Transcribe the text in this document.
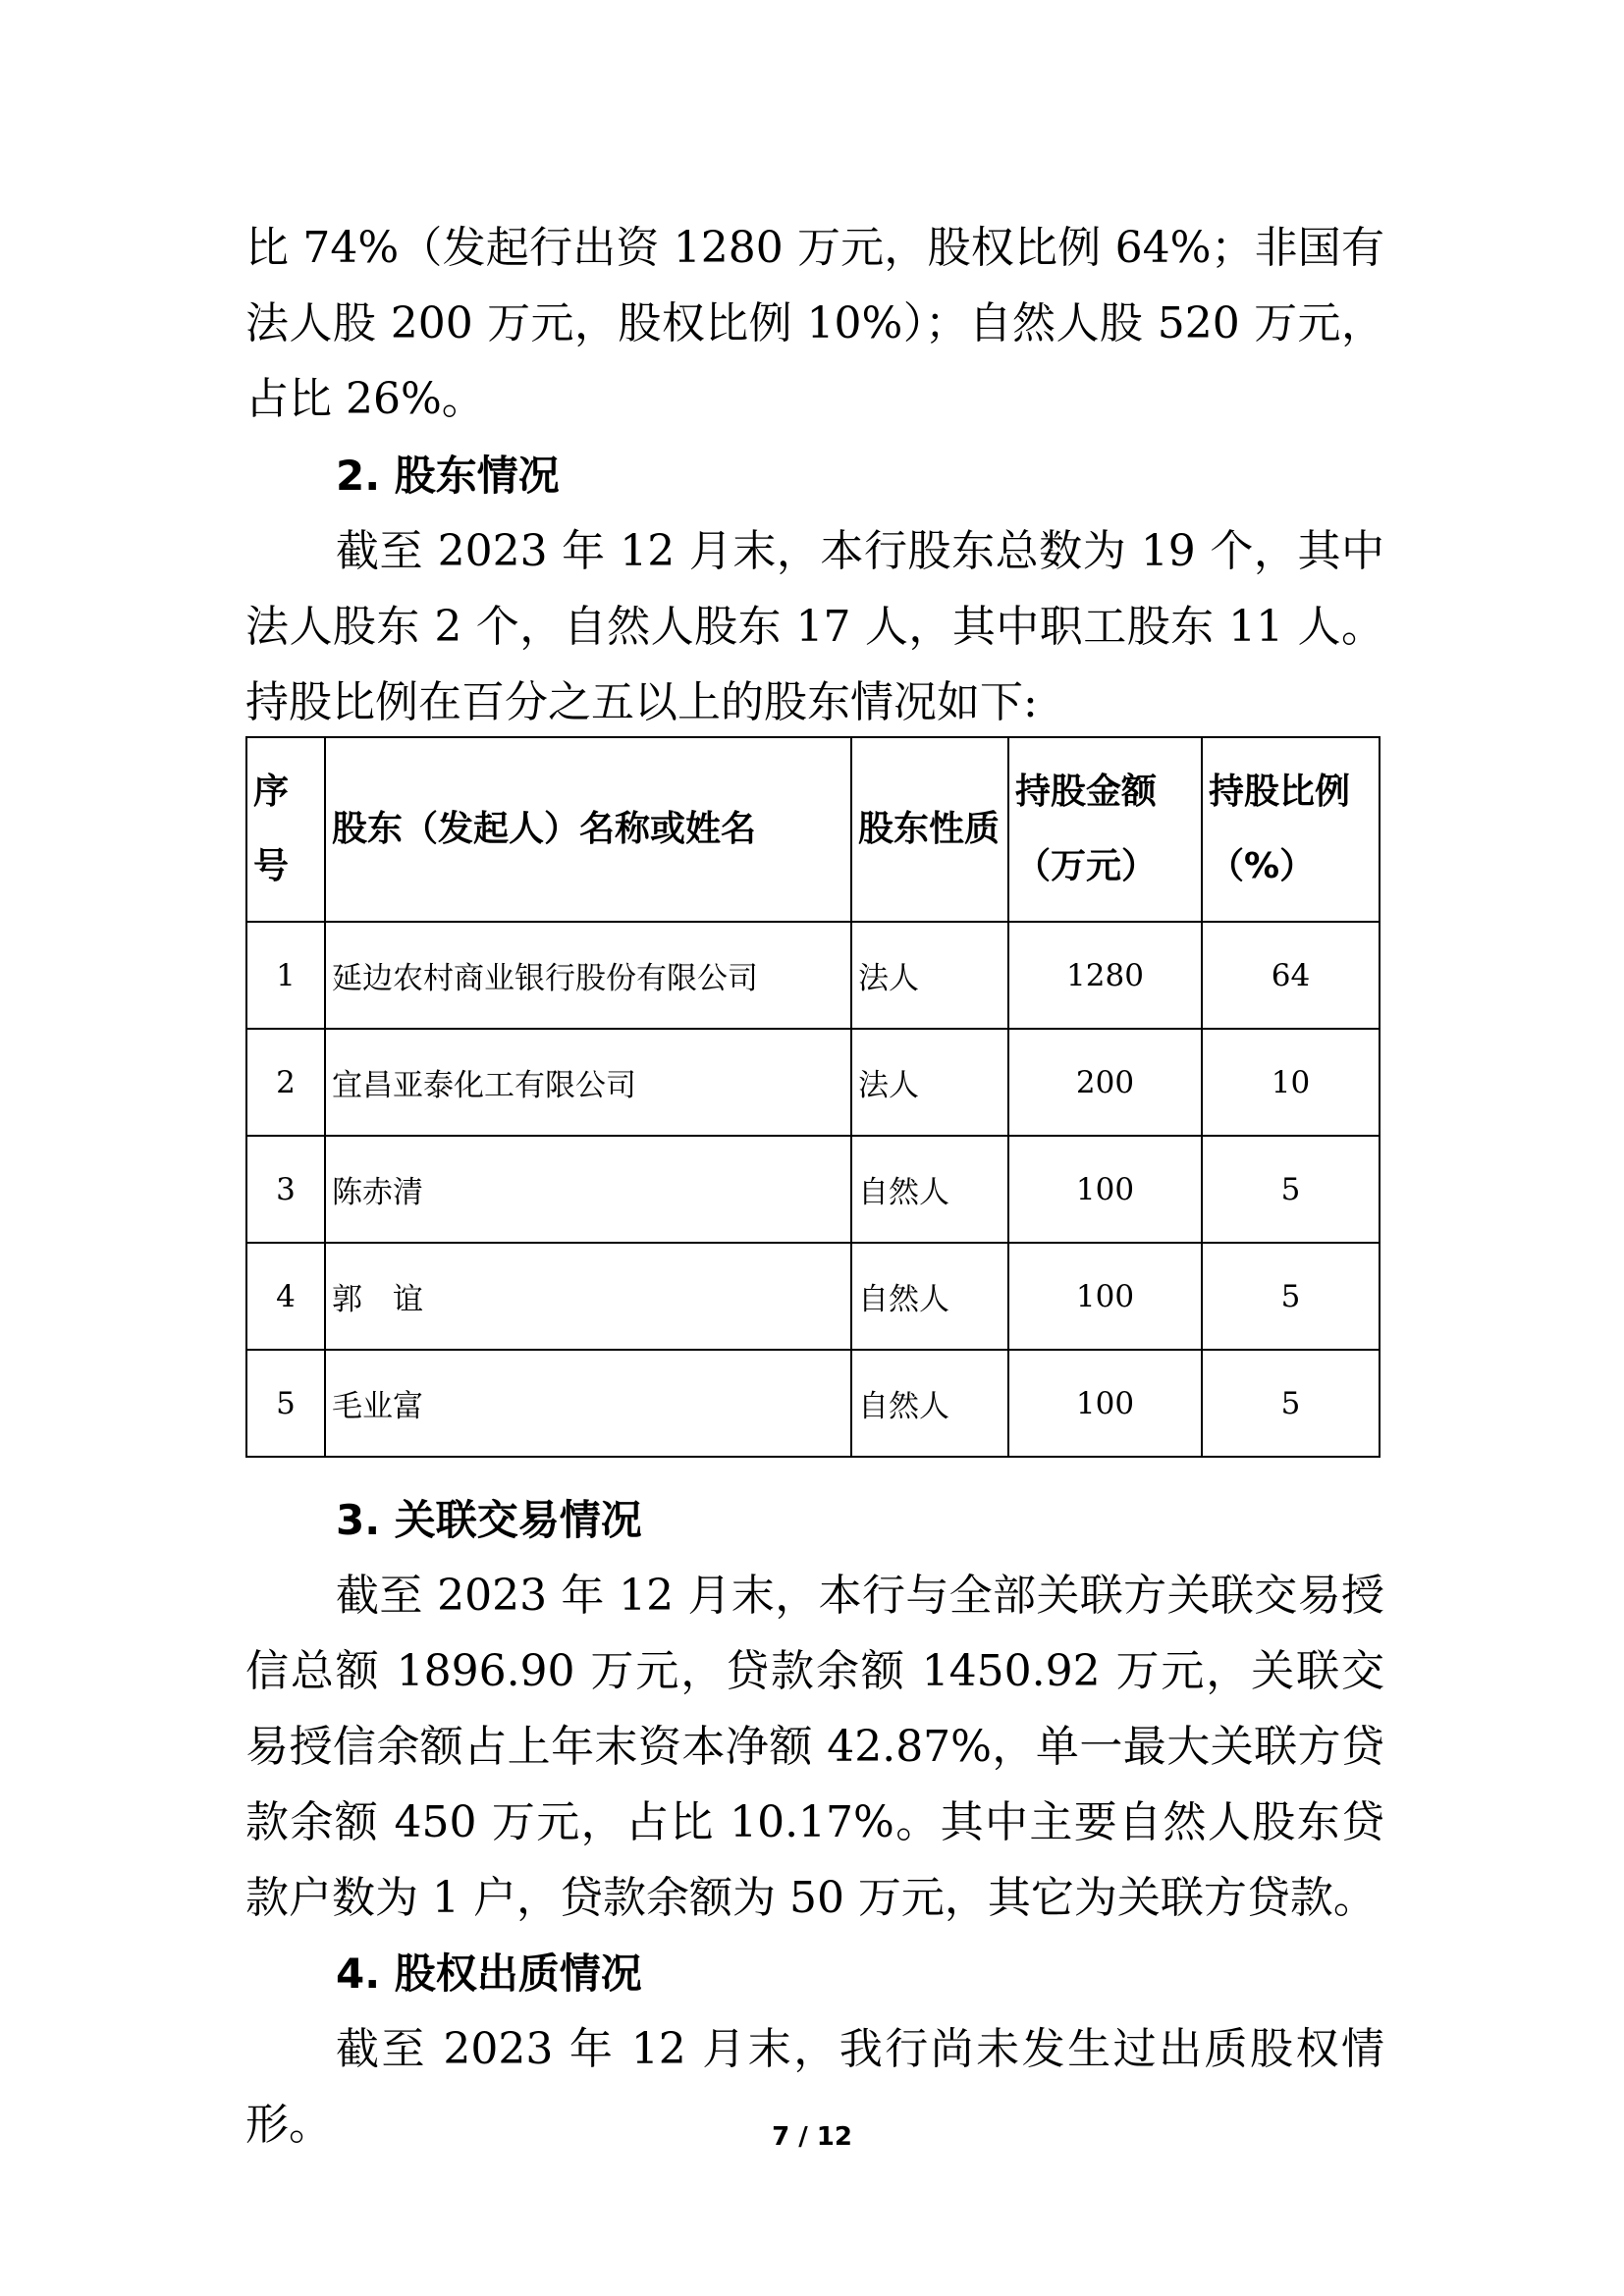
比 74%（发起行出资 1280 万元，股权比例 64%；非国有法人股 200 万元，股权比例 10%）；自然人股 520 万元，占比 26%。

2. 股东情况

截至 2023 年 12 月末，本行股东总数为 19 个，其中法人股东 2 个，自然人股东 17 人，其中职工股东 11 人。持股比例在百分之五以上的股东情况如下:

序号	股东（发起人）名称或姓名	股东性质	持股金额（万元）	持股比例（%）
1	延边农村商业银行股份有限公司	法人	1280	64
2	宜昌亚泰化工有限公司	法人	200	10
3	陈赤清	自然人	100	5
4	郭　谊	自然人	100	5
5	毛业富	自然人	100	5

3. 关联交易情况

截至 2023 年 12 月末，本行与全部关联方关联交易授信总额 1896.90 万元，贷款余额 1450.92 万元，关联交易授信余额占上年末资本净额 42.87%，单一最大关联方贷款余额 450 万元，占比 10.17%。其中主要自然人股东贷款户数为 1 户，贷款余额为 50 万元，其它为关联方贷款。

4. 股权出质情况

截至 2023 年 12 月末，我行尚未发生过出质股权情形。	7 / 12
